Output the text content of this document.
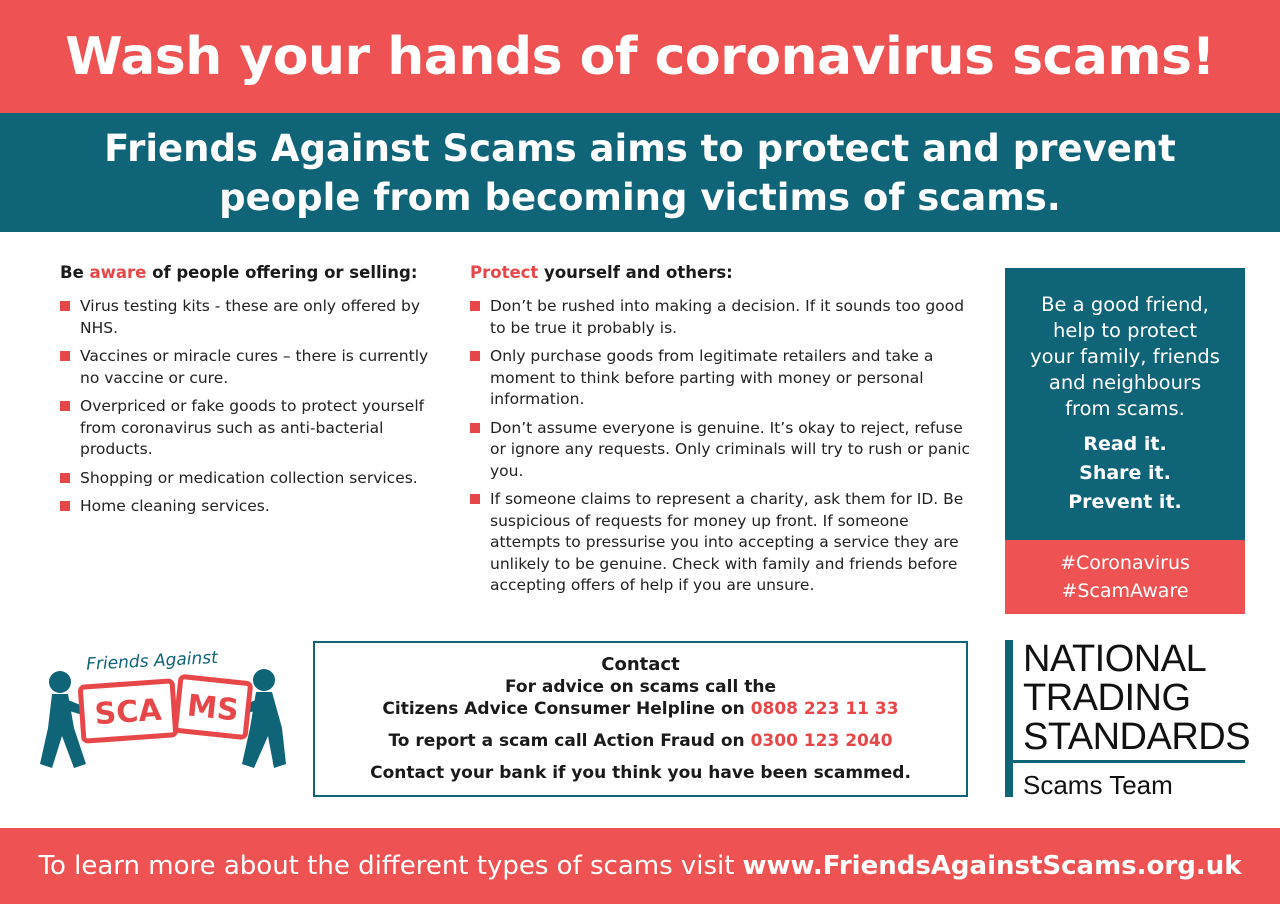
Wash your hands of coronavirus scams!
Friends Against Scams aims to protect and prevent
people from becoming victims of scams.
Be aware of people offering or selling:
Virus testing kits - these are only offered by NHS.
Vaccines or miracle cures – there is currently no vaccine or cure.
Overpriced or fake goods to protect yourself from coronavirus such as anti-bacterial products.
Shopping or medication collection services.
Home cleaning services.
Protect yourself and others:
Don’t be rushed into making a decision. If it sounds too good to be true it probably is.
Only purchase goods from legitimate retailers and take a moment to think before parting with money or personal information.
Don’t assume everyone is genuine. It’s okay to reject, refuse or ignore any requests. Only criminals will try to rush or panic you.
If someone claims to represent a charity, ask them for ID. Be suspicious of requests for money up front. If someone attempts to pressurise you into accepting a service they are unlikely to be genuine. Check with family and friends before accepting offers of help if you are unsure.
Be a good friend,
help to protect
your family, friends
and neighbours
from scams.
Read it.
Share it.
Prevent it.
#Coronavirus
#ScamAware
Friends Against
SCA MS
Contact
For advice on scams call the
Citizens Advice Consumer Helpline on 0808 223 11 33
To report a scam call Action Fraud on 0300 123 2040
Contact your bank if you think you have been scammed.
NATIONAL
TRADING
STANDARDS
Scams Team
To learn more about the different types of scams visit www.FriendsAgainstScams.org.uk
